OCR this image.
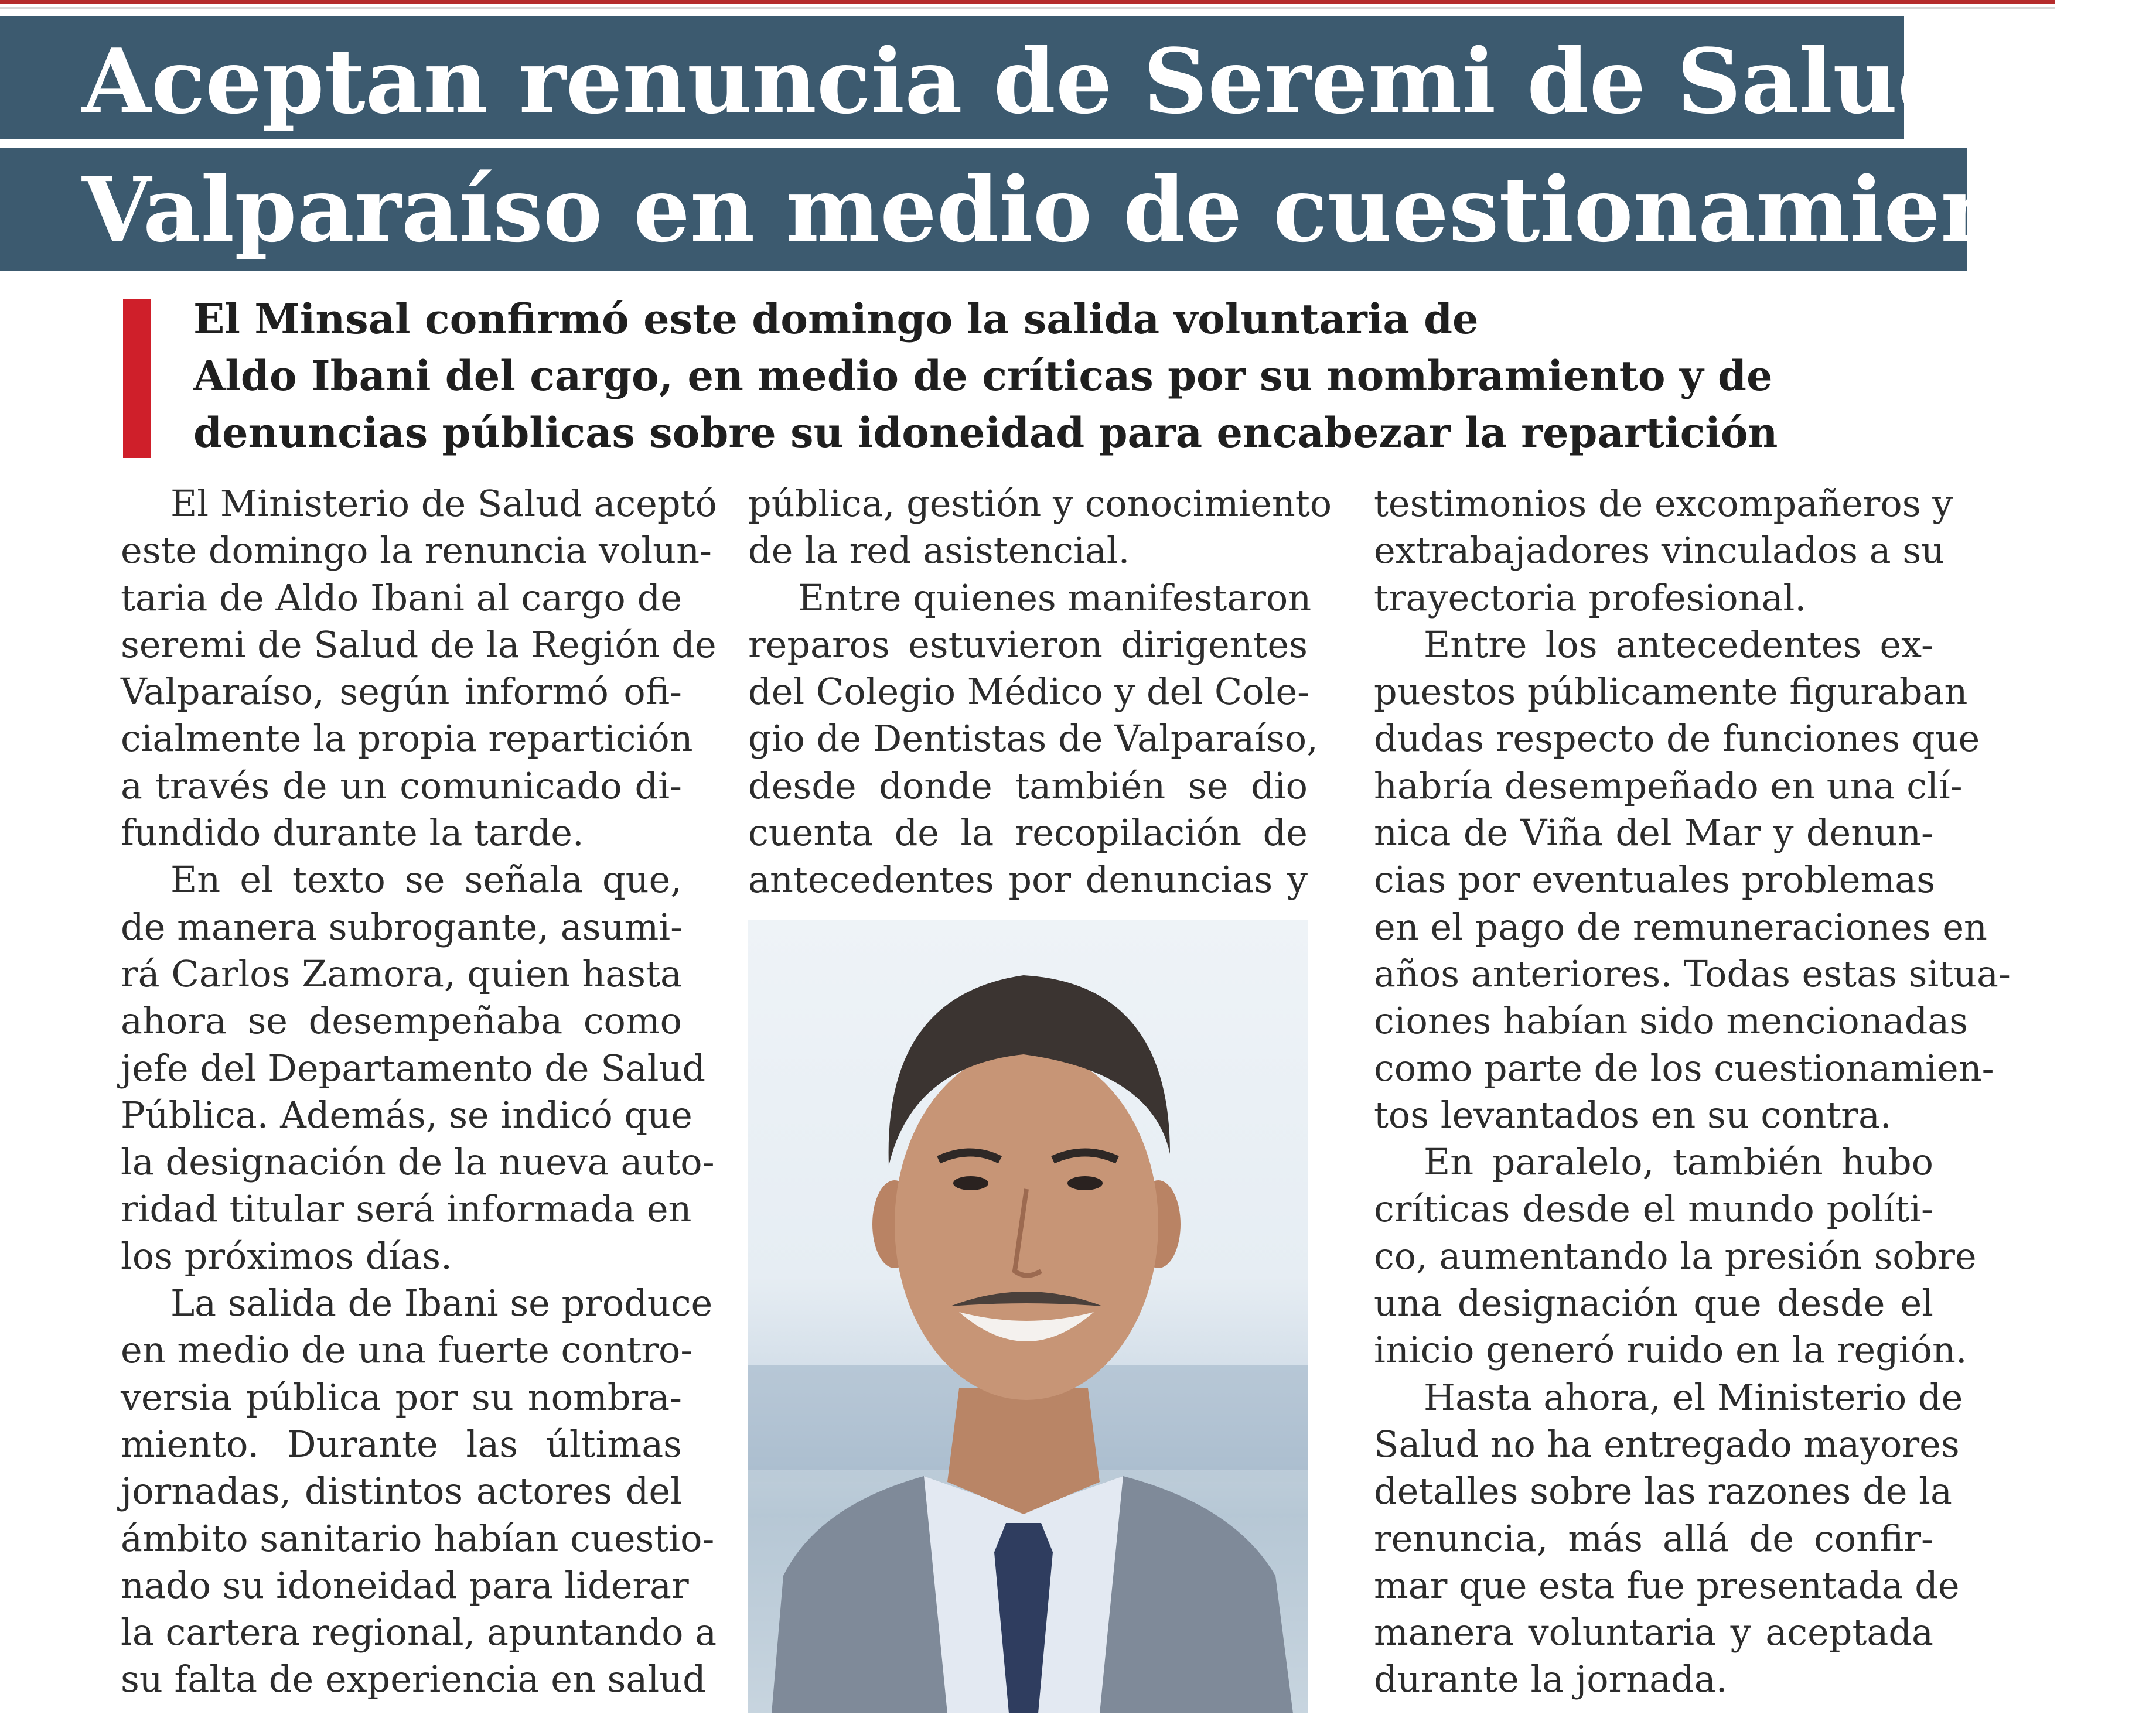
Aceptan renuncia de Seremi de Salud de
Valparaíso en medio de cuestionamientos
El Minsal confirmó este domingo la salida voluntaria de
Aldo Ibani del cargo, en medio de críticas por su nombramiento y de
denuncias públicas sobre su idoneidad para encabezar la repartición
El Ministerio de Salud aceptó
este domingo la renuncia volun-
taria de Aldo Ibani al cargo de
seremi de Salud de la Región de
Valparaíso, según informó ofi-
cialmente la propia repartición
a través de un comunicado di-
fundido durante la tarde.
En el texto se señala que,
de manera subrogante, asumi-
rá Carlos Zamora, quien hasta
ahora se desempeñaba como
jefe del Departamento de Salud
Pública. Además, se indicó que
la designación de la nueva auto-
ridad titular será informada en
los próximos días.
La salida de Ibani se produce
en medio de una fuerte contro-
versia pública por su nombra-
miento. Durante las últimas
jornadas, distintos actores del
ámbito sanitario habían cuestio-
nado su idoneidad para liderar
la cartera regional, apuntando a
su falta de experiencia en salud
pública, gestión y conocimiento
de la red asistencial.
Entre quienes manifestaron
reparos estuvieron dirigentes
del Colegio Médico y del Cole-
gio de Dentistas de Valparaíso,
desde donde también se dio
cuenta de la recopilación de
antecedentes por denuncias y
testimonios de excompañeros y
extrabajadores vinculados a su
trayectoria profesional.
Entre los antecedentes ex-
puestos públicamente figuraban
dudas respecto de funciones que
habría desempeñado en una clí-
nica de Viña del Mar y denun-
cias por eventuales problemas
en el pago de remuneraciones en
años anteriores. Todas estas situa-
ciones habían sido mencionadas
como parte de los cuestionamien-
tos levantados en su contra.
En paralelo, también hubo
críticas desde el mundo políti-
co, aumentando la presión sobre
una designación que desde el
inicio generó ruido en la región.
Hasta ahora, el Ministerio de
Salud no ha entregado mayores
detalles sobre las razones de la
renuncia, más allá de confir-
mar que esta fue presentada de
manera voluntaria y aceptada
durante la jornada.
